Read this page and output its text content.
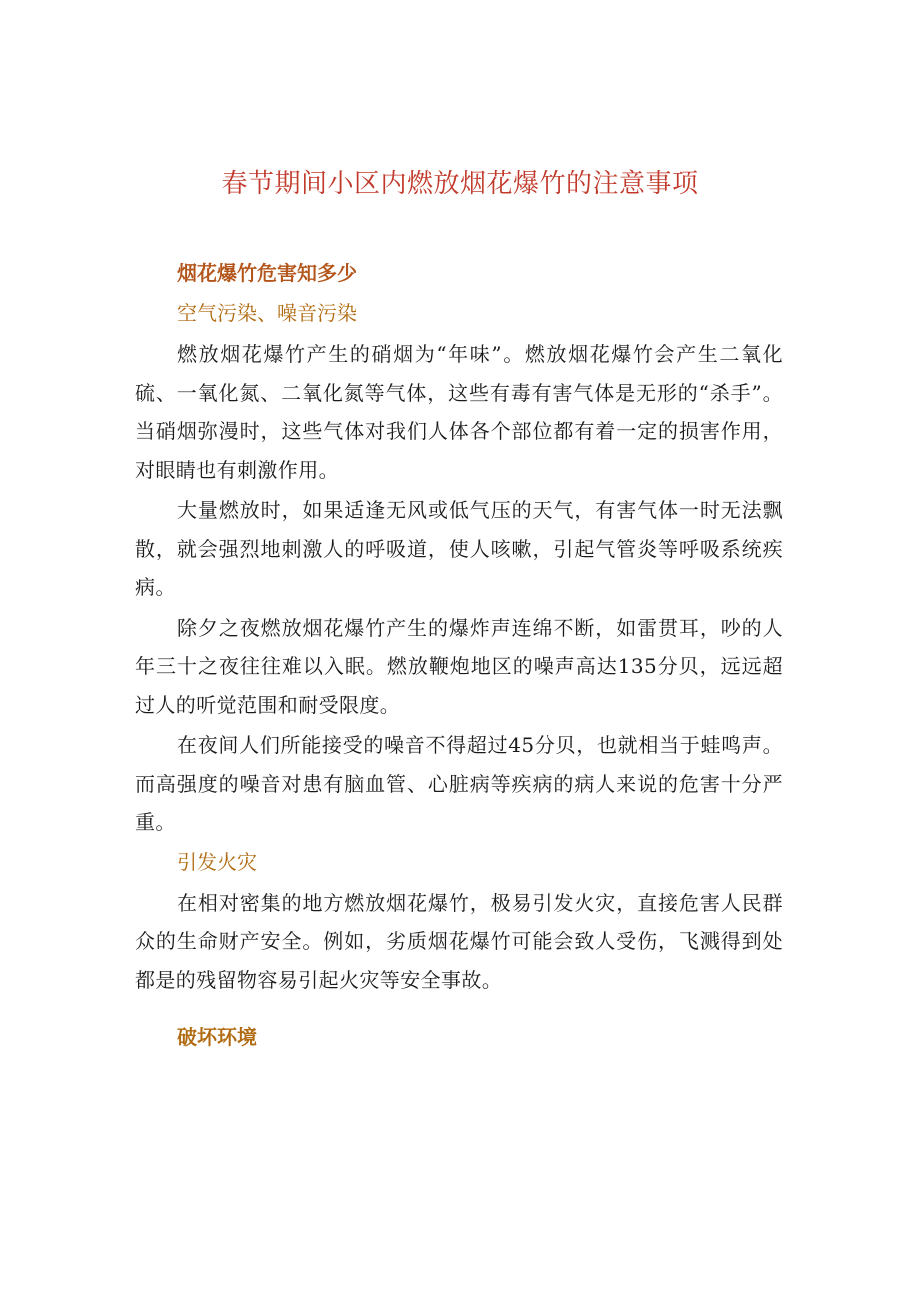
春节期间小区内燃放烟花爆竹的注意事项
烟花爆竹危害知多少
空气污染、噪音污染

燃放烟花爆竹产生的硝烟为“年味”。燃放烟花爆竹会产生二氧化硫、一氧化氮、二氧化氮等气体，这些有毒有害气体是无形的“杀手”。当硝烟弥漫时，这些气体对我们人体各个部位都有着一定的损害作用，对眼睛也有刺激作用。

大量燃放时，如果适逢无风或低气压的天气，有害气体一时无法飘散，就会强烈地刺激人的呼吸道，使人咳嗽，引起气管炎等呼吸系统疾病。

除夕之夜燃放烟花爆竹产生的爆炸声连绵不断，如雷贯耳，吵的人年三十之夜往往难以入眠。燃放鞭炮地区的噪声高达135分贝，远远超过人的听觉范围和耐受限度。

在夜间人们所能接受的噪音不得超过45分贝，也就相当于蛙鸣声。而高强度的噪音对患有脑血管、心脏病等疾病的病人来说的危害十分严重。

引发火灾

在相对密集的地方燃放烟花爆竹，极易引发火灾，直接危害人民群众的生命财产安全。例如，劣质烟花爆竹可能会致人受伤，飞溅得到处都是的残留物容易引起火灾等安全事故。

破坏环境
